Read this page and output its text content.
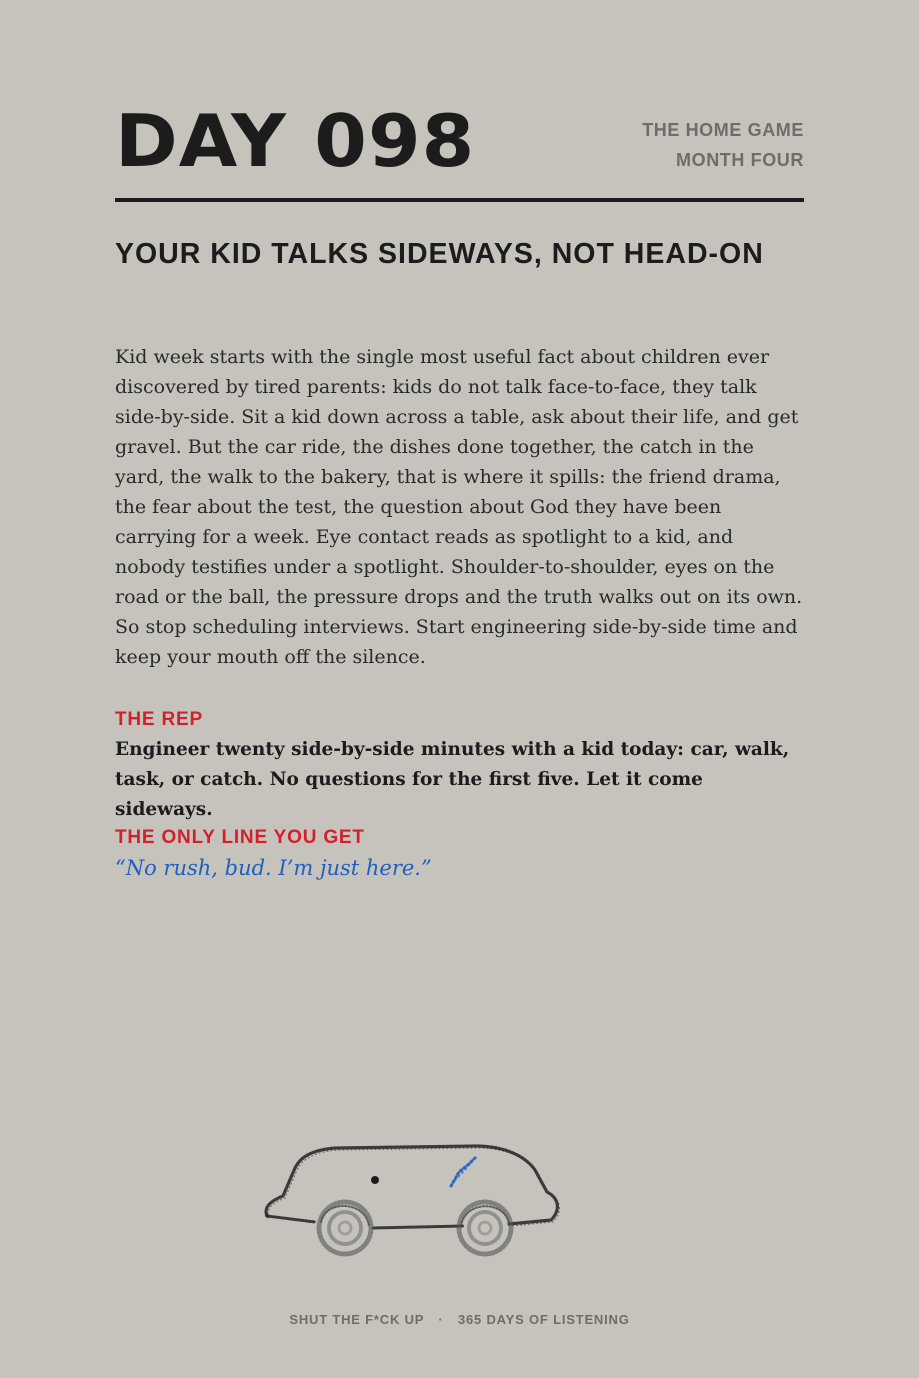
DAY 098	THE HOME GAME
MONTH FOUR
YOUR KID TALKS SIDEWAYS, NOT HEAD-ON

Kid week starts with the single most useful fact about children ever discovered by tired parents: kids do not talk face-to-face, they talk side-by-side. Sit a kid down across a table, ask about their life, and get gravel. But the car ride, the dishes done together, the catch in the yard, the walk to the bakery, that is where it spills: the friend drama, the fear about the test, the question about God they have been carrying for a week. Eye contact reads as spotlight to a kid, and nobody testifies under a spotlight. Shoulder-to-shoulder, eyes on the road or the ball, the pressure drops and the truth walks out on its own. So stop scheduling interviews. Start engineering side-by-side time and keep your mouth off the silence.

THE REP

Engineer twenty side-by-side minutes with a kid today: car, walk, task, or catch. No questions for the first five. Let it come sideways.

THE ONLY LINE YOU GET

“No rush, bud. I’m just here.”

SHUT THE F*CK UP · 365 DAYS OF LISTENING
